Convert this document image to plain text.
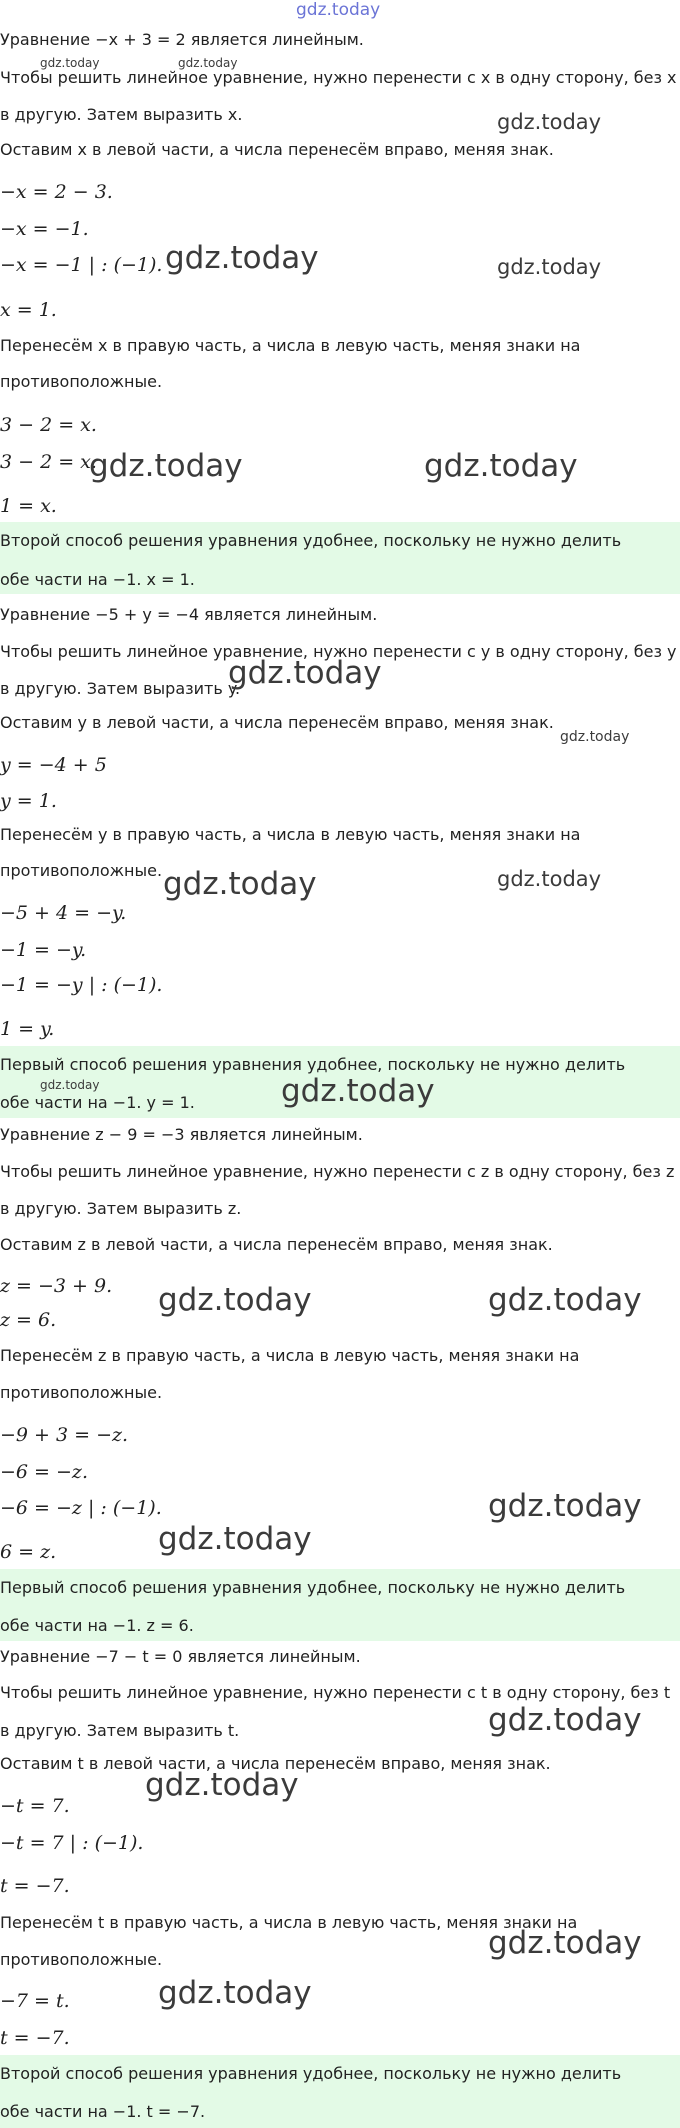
Уравнение −x + 3 = 2 является линейным.
Чтобы решить линейное уравнение, нужно перенести с x в одну сторону, без x
в другую. Затем выразить x.
Оставим x в левой части, а числа перенесём вправо, меняя знак.
−x = 2 − 3.
−x = −1.
−x = −1 | : (−1).
x = 1.
Перенесём x в правую часть, а числа в левую часть, меняя знаки на
противоположные.
3 − 2 = x.
3 − 2 = x.
1 = x.
Второй способ решения уравнения удобнее, поскольку не нужно делить
обе части на −1. x = 1.
Уравнение −5 + y = −4 является линейным.
Чтобы решить линейное уравнение, нужно перенести с y в одну сторону, без y
в другую. Затем выразить y.
Оставим y в левой части, а числа перенесём вправо, меняя знак.
y = −4 + 5
y = 1.
Перенесём y в правую часть, а числа в левую часть, меняя знаки на
противоположные.
−5 + 4 = −y.
−1 = −y.
−1 = −y | : (−1).
1 = y.
Первый способ решения уравнения удобнее, поскольку не нужно делить
обе части на −1. y = 1.
Уравнение z − 9 = −3 является линейным.
Чтобы решить линейное уравнение, нужно перенести с z в одну сторону, без z
в другую. Затем выразить z.
Оставим z в левой части, а числа перенесём вправо, меняя знак.
z = −3 + 9.
z = 6.
Перенесём z в правую часть, а числа в левую часть, меняя знаки на
противоположные.
−9 + 3 = −z.
−6 = −z.
−6 = −z | : (−1).
6 = z.
Первый способ решения уравнения удобнее, поскольку не нужно делить
обе части на −1. z = 6.
Уравнение −7 − t = 0 является линейным.
Чтобы решить линейное уравнение, нужно перенести с t в одну сторону, без t
в другую. Затем выразить t.
Оставим t в левой части, а числа перенесём вправо, меняя знак.
−t = 7.
−t = 7 | : (−1).
t = −7.
Перенесём t в правую часть, а числа в левую часть, меняя знаки на
противоположные.
−7 = t.
t = −7.
Второй способ решения уравнения удобнее, поскольку не нужно делить
обе части на −1. t = −7.
gdz.today
gdz.today	gdz.today
gdz.today
gdz.today	gdz.today
gdz.today	gdz.today
gdz.today
gdz.today
gdz.today	gdz.today
gdz.today	gdz.today
gdz.today	gdz.today
gdz.today
gdz.today
gdz.today
gdz.today
gdz.today
gdz.today
